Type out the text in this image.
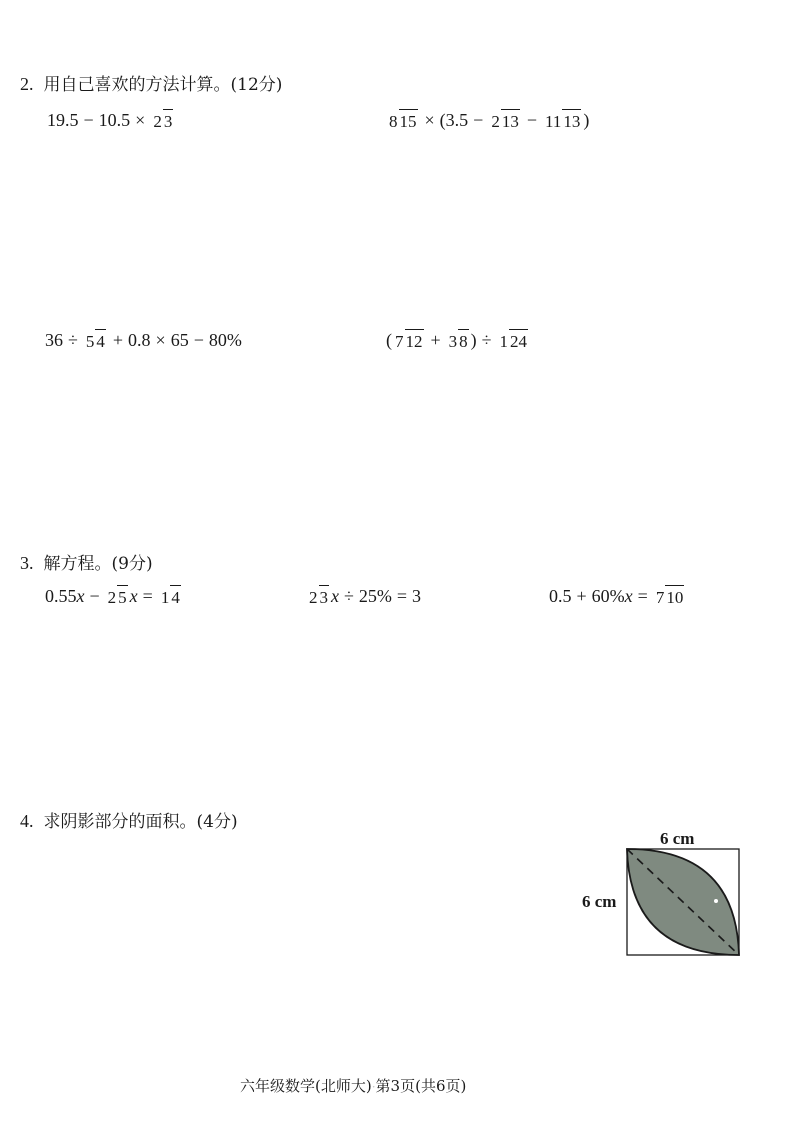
2. 用自己喜欢的方法计算。(12分)
19.5 − 10.5 × 2 3	8 15 × ( 3.5 − 2 13 − 11 13 )
36 ÷ 5 4 + 0.8 × 65 − 80%	( 7 12 + 3 8 ) ÷ 1 24
3. 解方程。(9分)
0.55 x − 2 5 x = 1 4	2 3 x ÷ 25% = 3	0.5 + 60% x = 7 10
4. 求阴影部分的面积。(4分)
6 cm
6 cm
六年级数学(北师大)·第3页(共6页)
